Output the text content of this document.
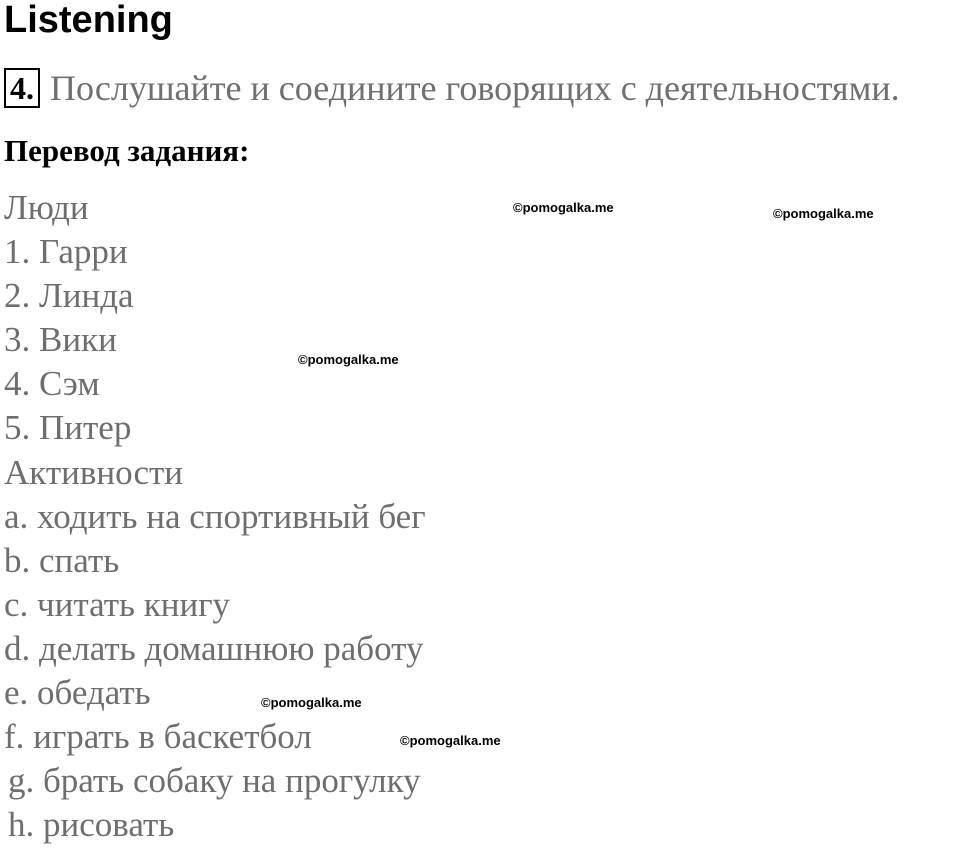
Listening
4. Послушайте и соедините говорящих с деятельностями.
Перевод задания:
Люди
1. Гарри
2. Линда
3. Вики
4. Сэм
5. Питер
Активности
a. ходить на спортивный бег
b. спать
c. читать книгу
d. делать домашнюю работу
e. обедать
f. играть в баскетбол
g. брать собаку на прогулку
h. рисовать
©pomogalka.me	©pomogalka.me
©pomogalka.me
©pomogalka.me
©pomogalka.me
